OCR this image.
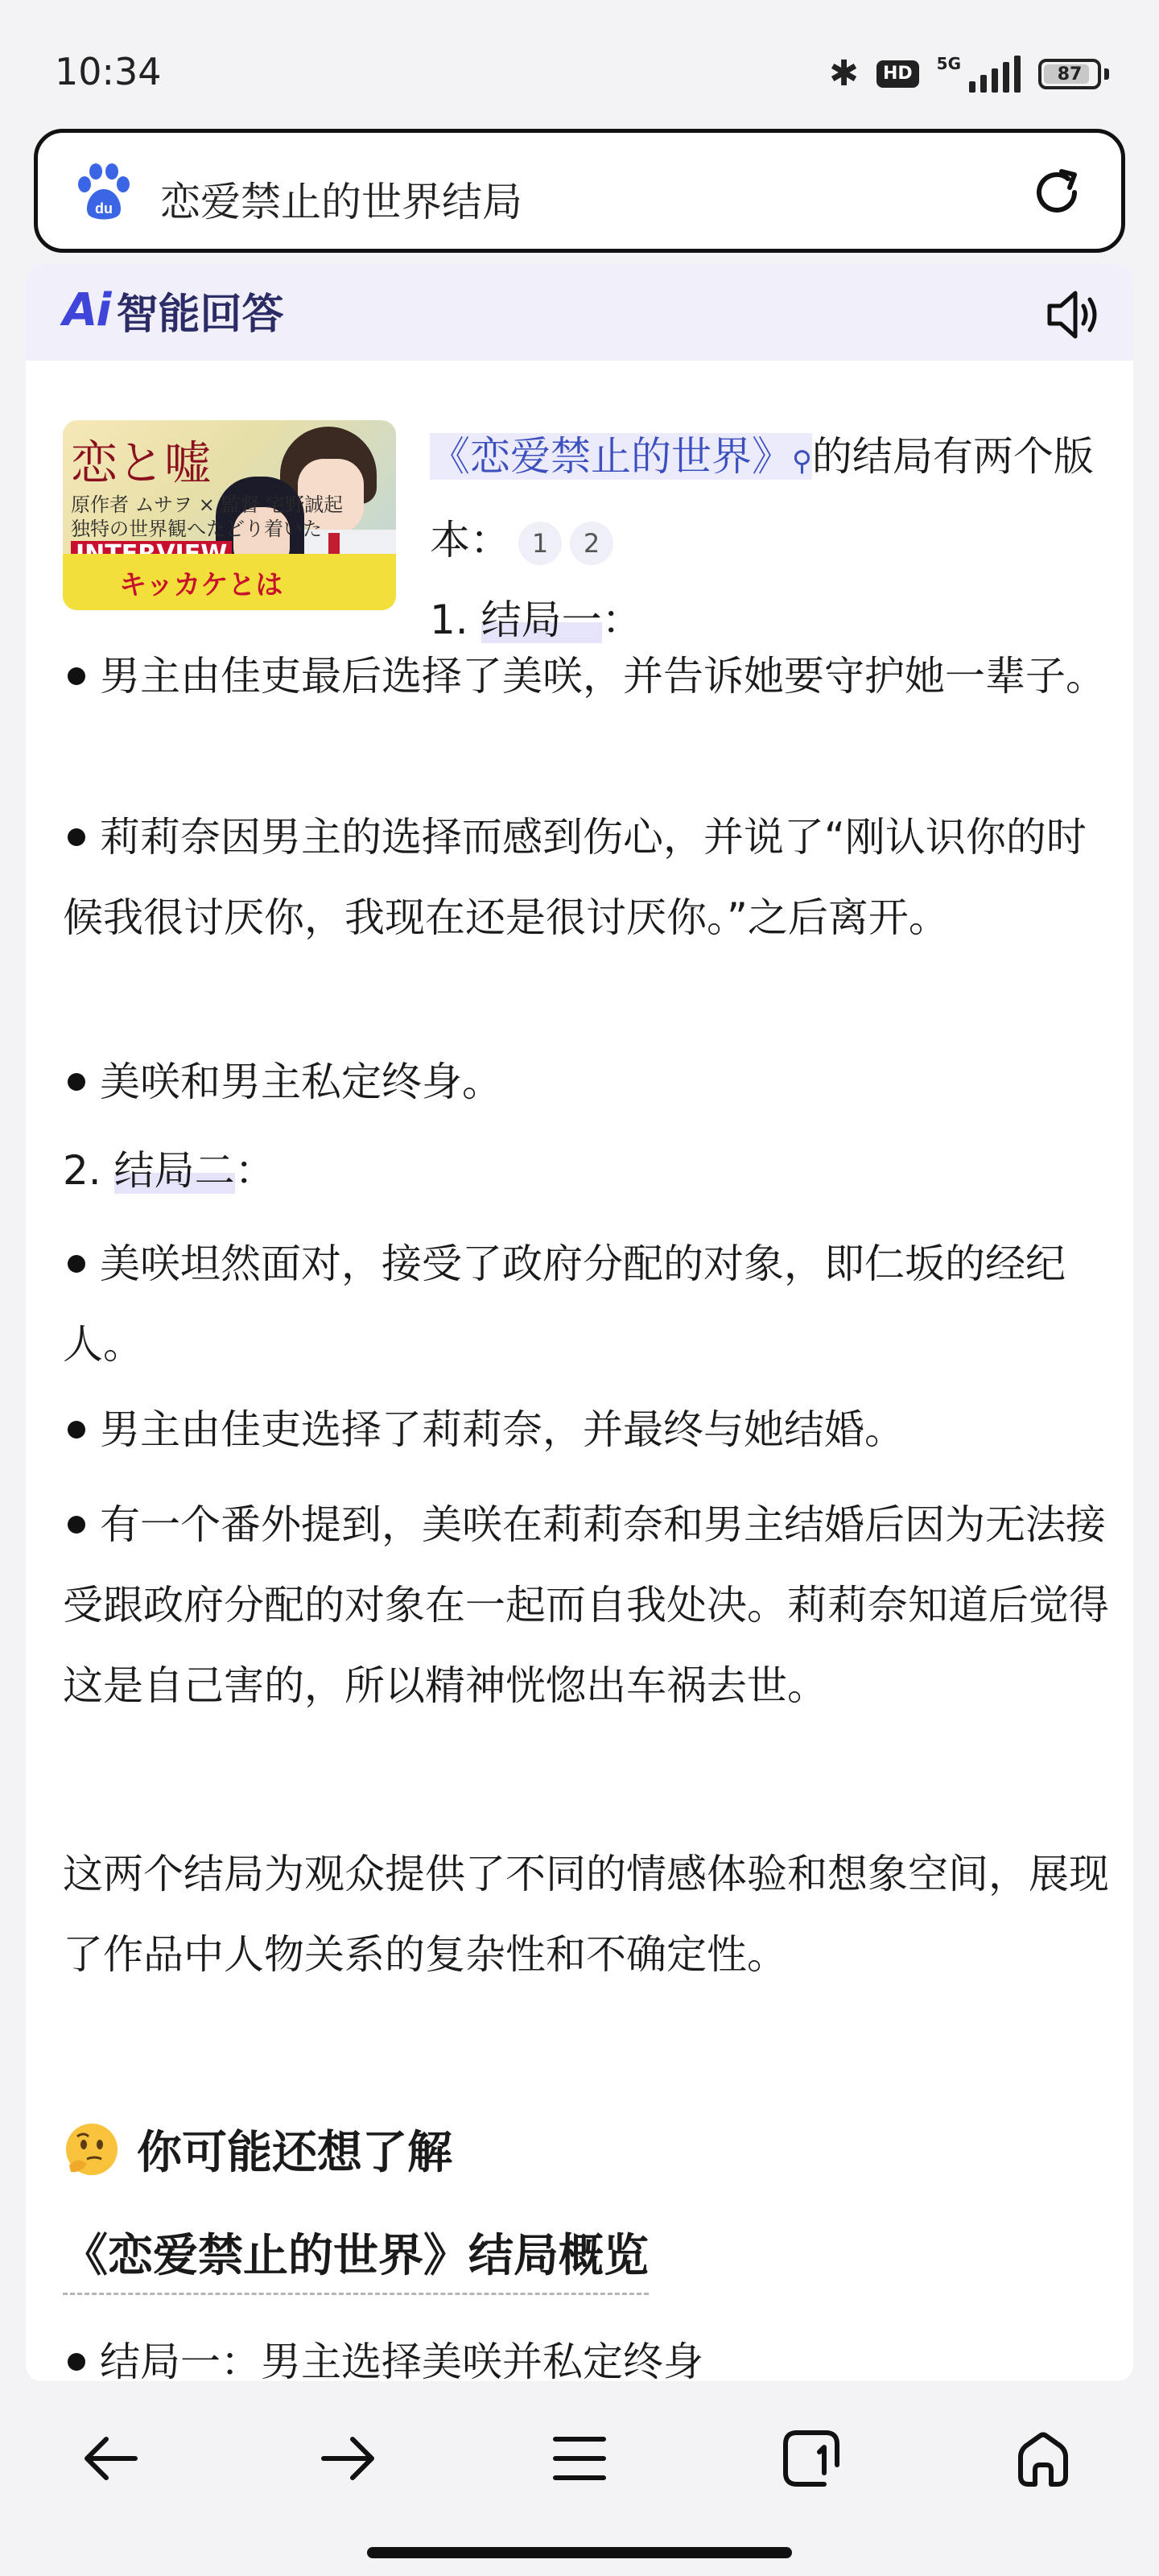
10:34	✱	HD	5G
87
du 恋爱禁止的世界结局
Ai 智能回答
恋と嘘
原作者 ムサヲ × 監督 宅野誠起
独特の世界観へたどり着いた
キッカケとは
《恋爱禁止的世界》⚲的结局有两个版本： 1 2
1. 结局一：
男主由佳吏最后选择了美咲，并告诉她要守护她一辈子。
莉莉奈因男主的选择而感到伤心，并说了“刚认识你的时候我很讨厌你，我现在还是很讨厌你。”之后离开。
美咲和男主私定终身。
2. 结局二：
美咲坦然面对，接受了政府分配的对象，即仁坂的经纪人。
男主由佳吏选择了莉莉奈，并最终与她结婚。
有一个番外提到，美咲在莉莉奈和男主结婚后因为无法接受跟政府分配的对象在一起而自我处决。莉莉奈知道后觉得这是自己害的，所以精神恍惚出车祸去世。
这两个结局为观众提供了不同的情感体验和想象空间，展现了作品中人物关系的复杂性和不确定性。
你可能还想了解
《恋爱禁止的世界》结局概览
结局一：男主选择美咲并私定终身
